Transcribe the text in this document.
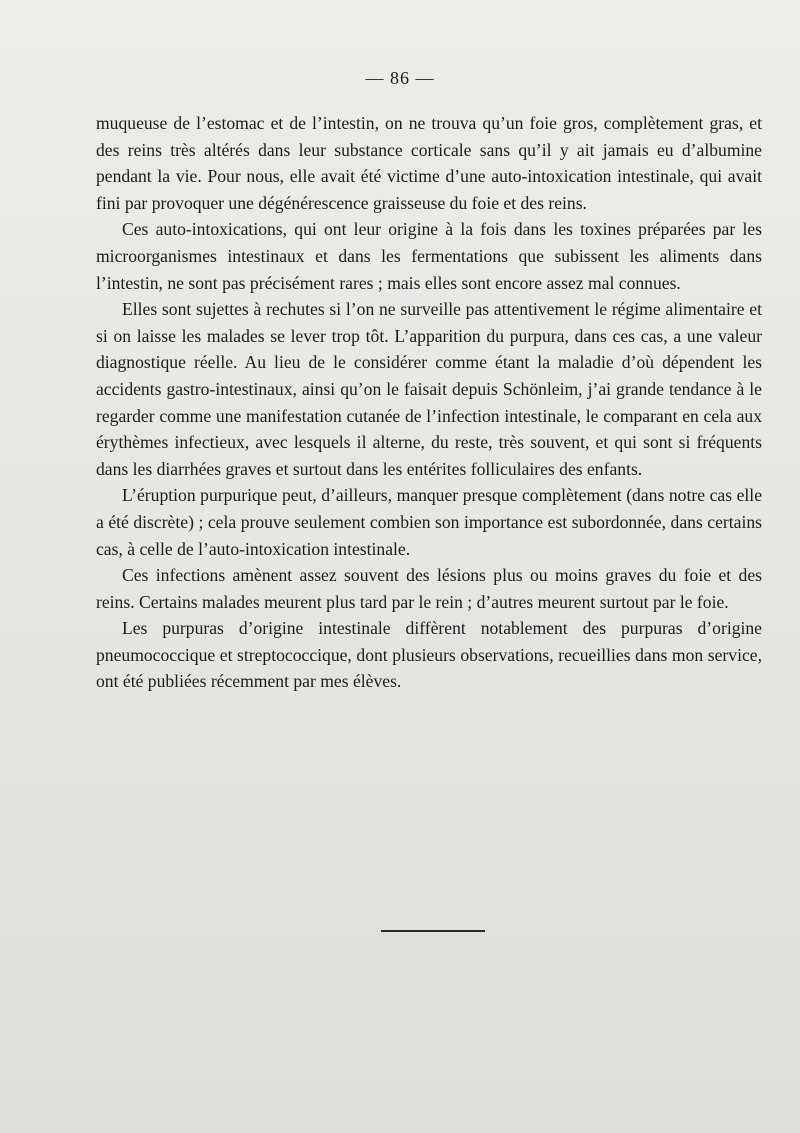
— 86 —

muqueuse de l’estomac et de l’intestin, on ne trouva qu’un foie gros, complètement gras, et des reins très altérés dans leur substance corticale sans qu’il y ait jamais eu d’albumine pendant la vie. Pour nous, elle avait été victime d’une auto-intoxication intestinale, qui avait fini par provoquer une dégénérescence graisseuse du foie et des reins.

Ces auto-intoxications, qui ont leur origine à la fois dans les toxines préparées par les microorganismes intestinaux et dans les fermentations que subissent les aliments dans l’intestin, ne sont pas précisément rares ; mais elles sont encore assez mal connues.

Elles sont sujettes à rechutes si l’on ne surveille pas attentivement le régime alimentaire et si on laisse les malades se lever trop tôt. L’apparition du purpura, dans ces cas, a une valeur diagnostique réelle. Au lieu de le considérer comme étant la maladie d’où dépendent les accidents gastro-intestinaux, ainsi qu’on le faisait depuis Schönleim, j’ai grande tendance à le regarder comme une manifestation cutanée de l’infection intestinale, le comparant en cela aux érythèmes infectieux, avec lesquels il alterne, du reste, très souvent, et qui sont si fréquents dans les diarrhées graves et surtout dans les entérites folliculaires des enfants.

L’éruption purpurique peut, d’ailleurs, manquer presque complètement (dans notre cas elle a été discrète) ; cela prouve seulement combien son importance est subordonnée, dans certains cas, à celle de l’auto-intoxication intestinale.

Ces infections amènent assez souvent des lésions plus ou moins graves du foie et des reins. Certains malades meurent plus tard par le rein ; d’autres meurent surtout par le foie.

Les purpuras d’origine intestinale diffèrent notablement des purpuras d’origine pneumococcique et streptococcique, dont plusieurs observations, recueillies dans mon service, ont été publiées récemment par mes élèves.
